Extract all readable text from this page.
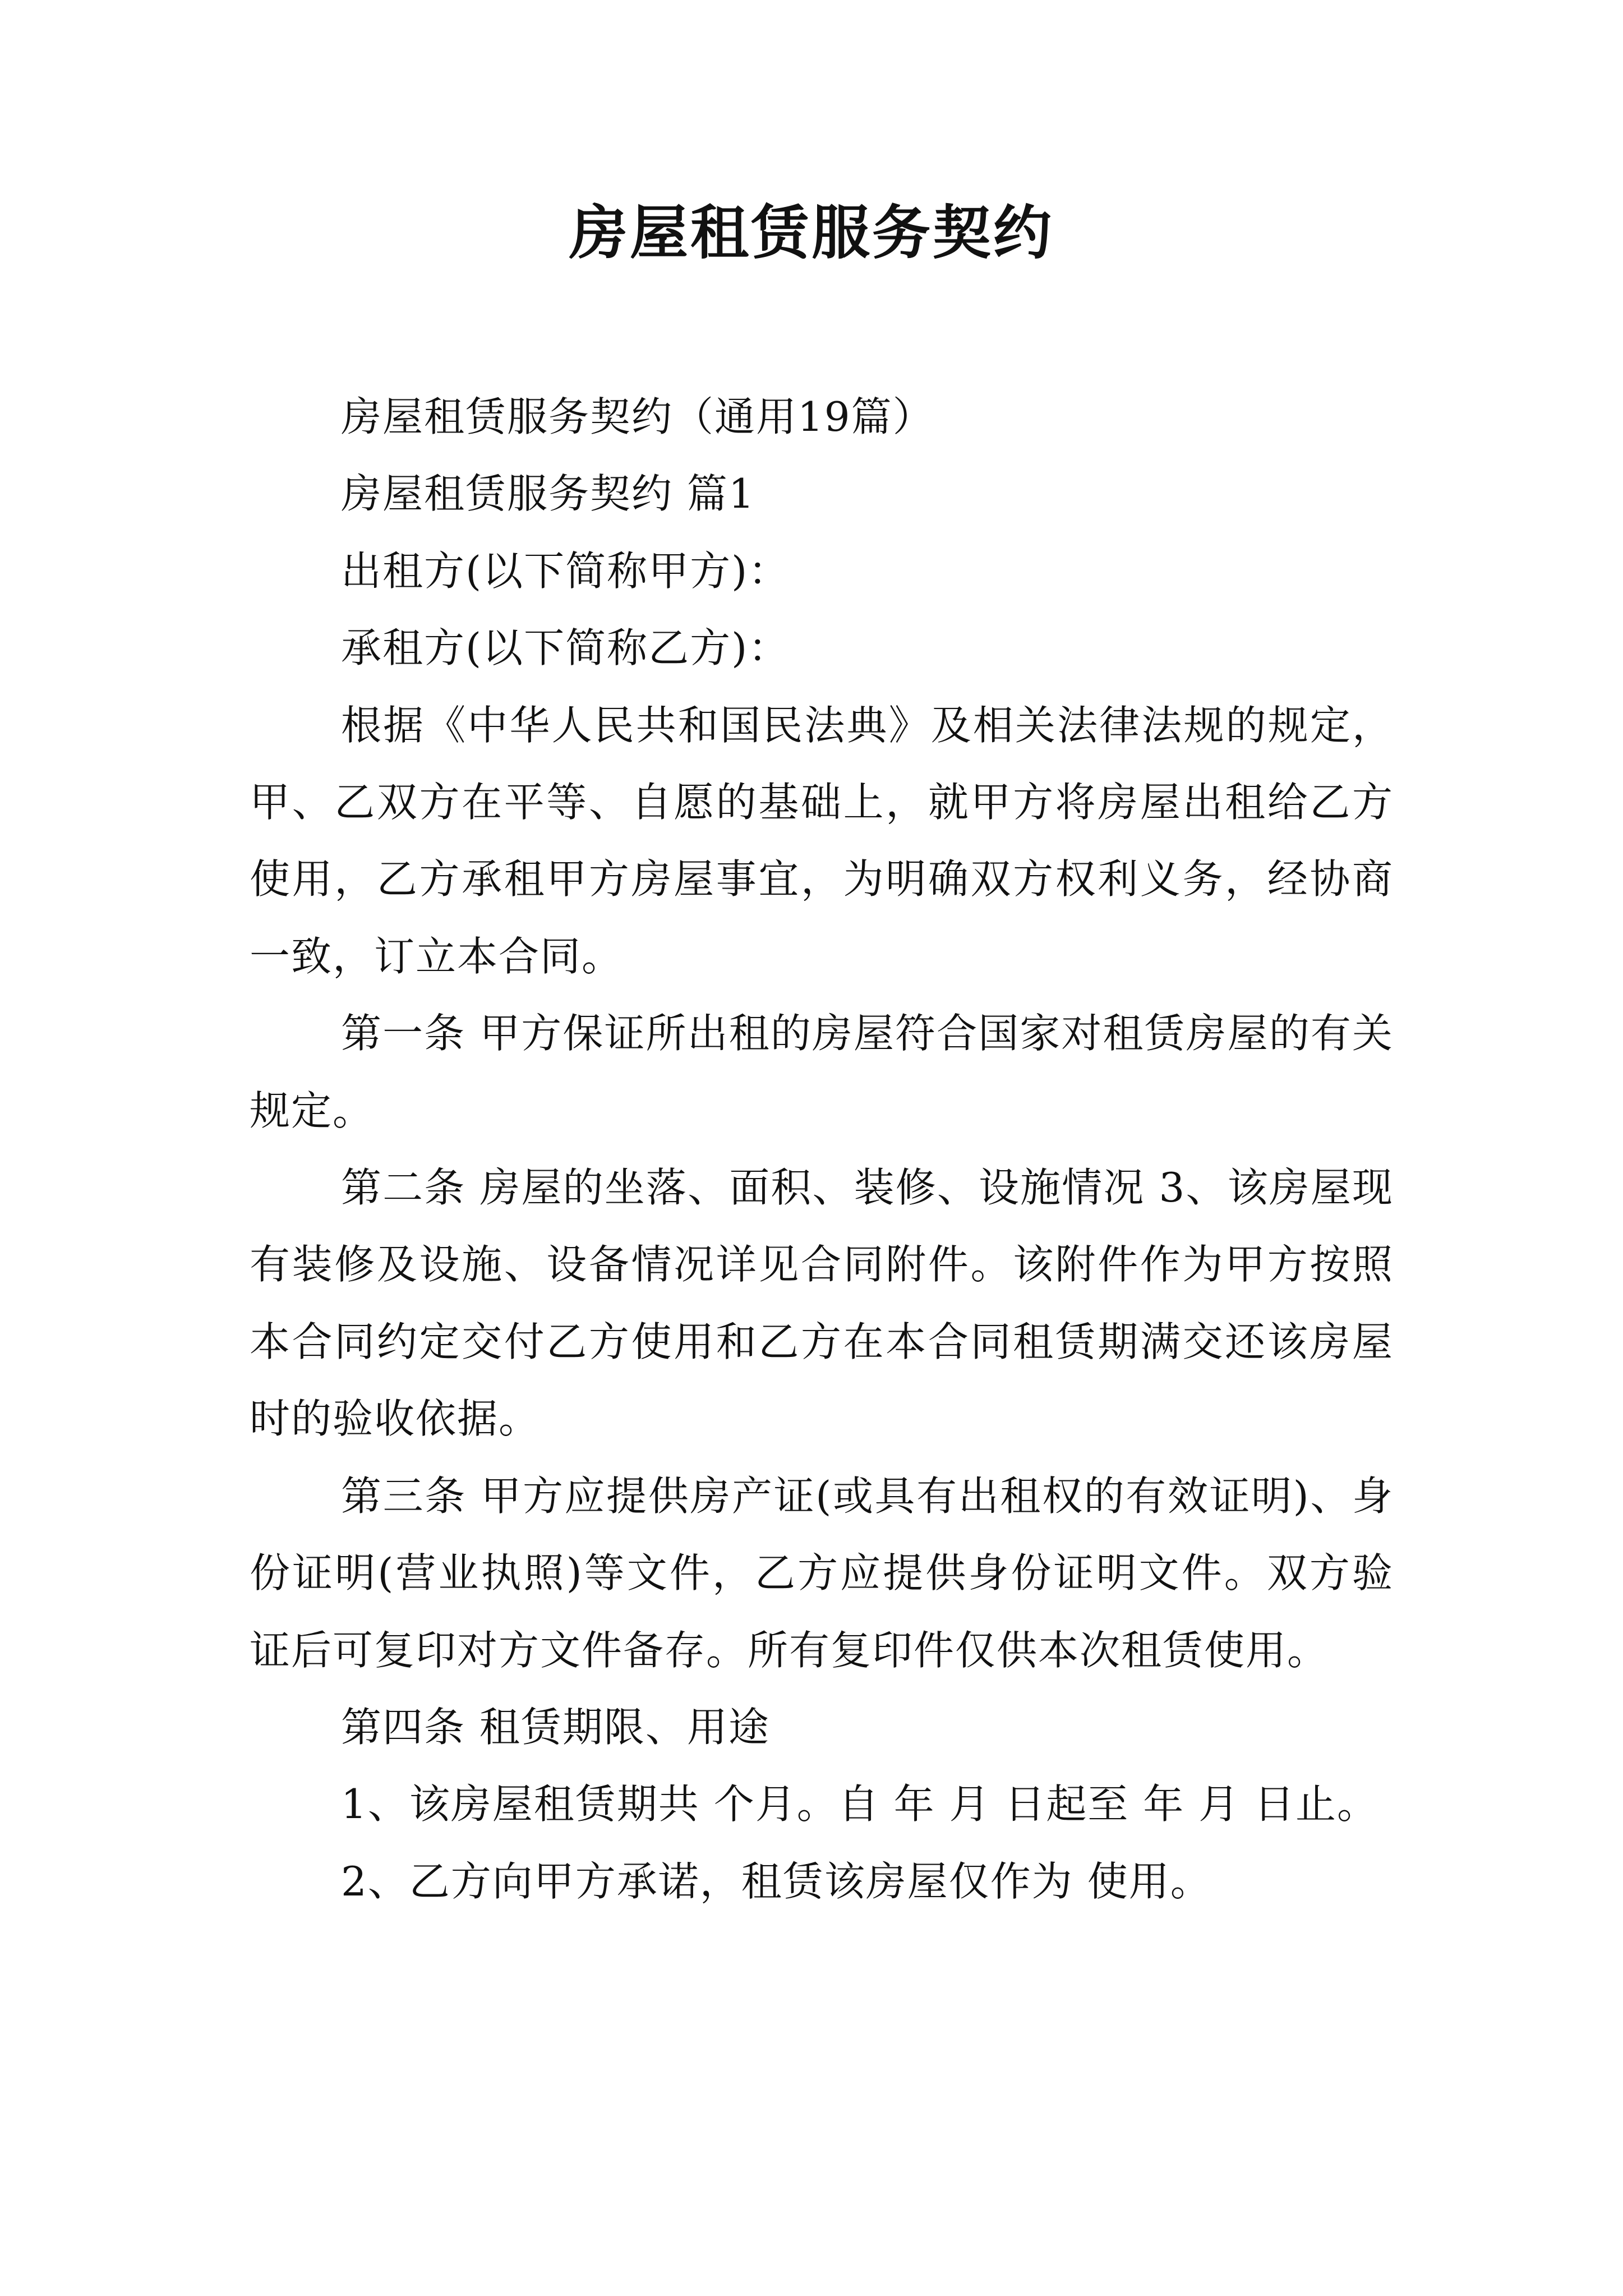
房屋租赁服务契约

房屋租赁服务契约（通用19篇）

房屋租赁服务契约 篇1

出租方(以下简称甲方)：

承租方(以下简称乙方)：

根据《中华人民共和国民法典》及相关法律法规的规定，甲、乙双方在平等、自愿的基础上，就甲方将房屋出租给乙方使用，乙方承租甲方房屋事宜，为明确双方权利义务，经协商一致，订立本合同。

第一条 甲方保证所出租的房屋符合国家对租赁房屋的有关规定。

第二条 房屋的坐落、面积、装修、设施情况 3、该房屋现有装修及设施、设备情况详见合同附件。该附件作为甲方按照本合同约定交付乙方使用和乙方在本合同租赁期满交还该房屋时的验收依据。

第三条 甲方应提供房产证(或具有出租权的有效证明)、身份证明(营业执照)等文件，乙方应提供身份证明文件。双方验证后可复印对方文件备存。所有复印件仅供本次租赁使用。

第四条 租赁期限、用途

1、该房屋租赁期共 个月。自 年 月 日起至 年 月 日止。

2、乙方向甲方承诺，租赁该房屋仅作为 使用。
